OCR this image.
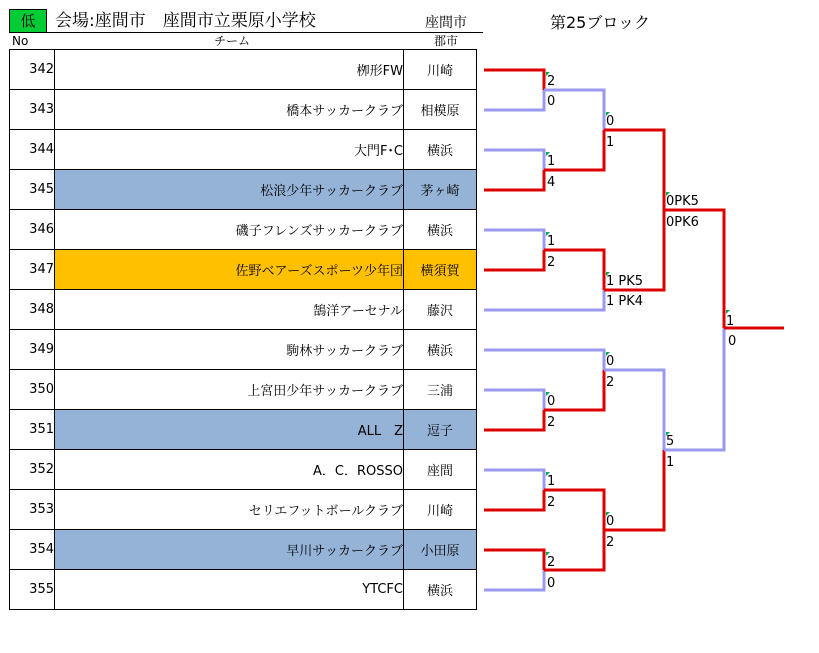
低	会場:座間市　座間市立栗原小学校	座間市	第25ブロック
No	チーム	郡市
342	栁形FW	川崎
343	橋本サッカークラブ	相模原
344	大門F･C	横浜
345	松浪少年サッカークラブ	茅ヶ崎
346	磯子フレンズサッカークラブ	横浜
347	佐野ベアーズスポーツ少年団	横須賀
348	鵠洋アーセナル	藤沢
349	駒林サッカークラブ	横浜
350	上宮田少年サッカークラブ	三浦
351	ALL　Z	逗子
352	A．C．ROSSO	座間
353	セリエフットボールクラブ	川崎
354	早川サッカークラブ	小田原
355	YTCFC	横浜
2
0
1
4
1
2
0
2
1
2
2
0
0
1
1 PK5
1 PK4
0
2
0
2
0PK5
0PK6
5
1
1
0
